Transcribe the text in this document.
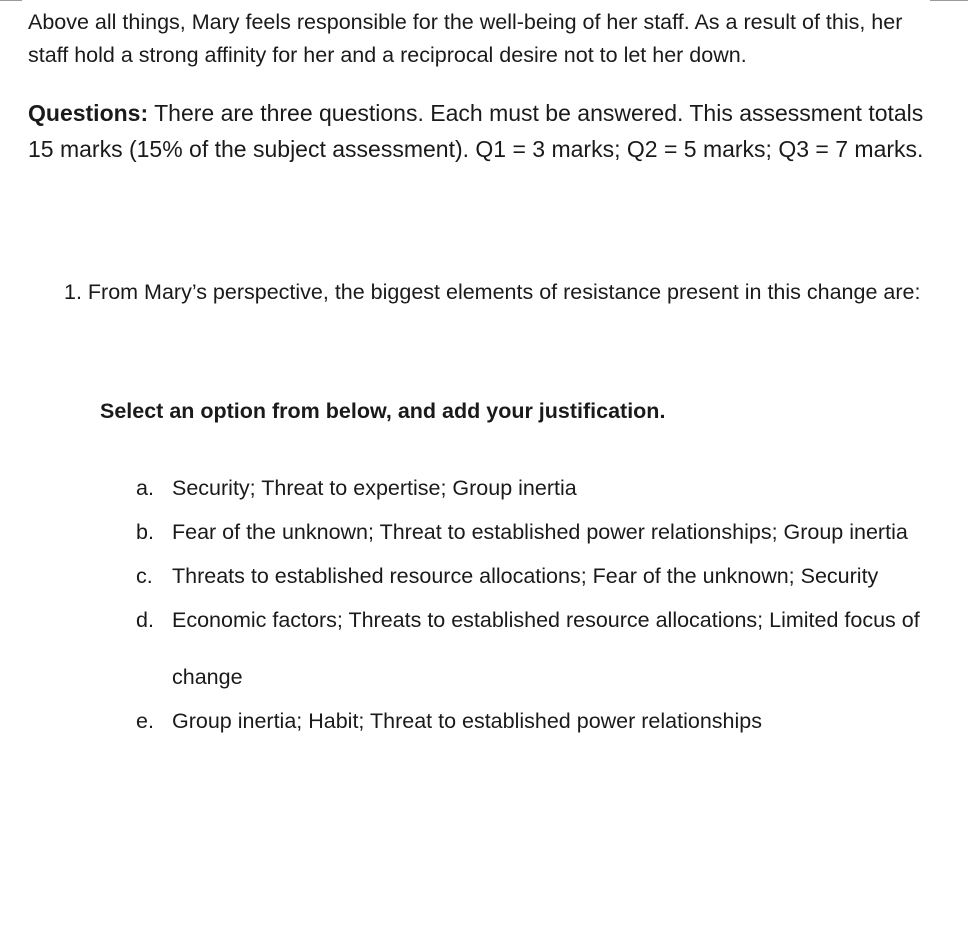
Above all things, Mary feels responsible for the well-being of her staff. As a result of this, her staff hold a strong affinity for her and a reciprocal desire not to let her down.

Questions: There are three questions. Each must be answered. This assessment totals 15 marks (15% of the subject assessment). Q1 = 3 marks; Q2 = 5 marks; Q3 = 7 marks.

1. From Mary’s perspective, the biggest elements of resistance present in this change are:

Select an option from below, and add your justification.

a. Security; Threat to expertise; Group inertia
b. Fear of the unknown; Threat to established power relationships; Group inertia
c. Threats to established resource allocations; Fear of the unknown; Security
d. Economic factors; Threats to established resource allocations; Limited focus of change
e. Group inertia; Habit; Threat to established power relationships
